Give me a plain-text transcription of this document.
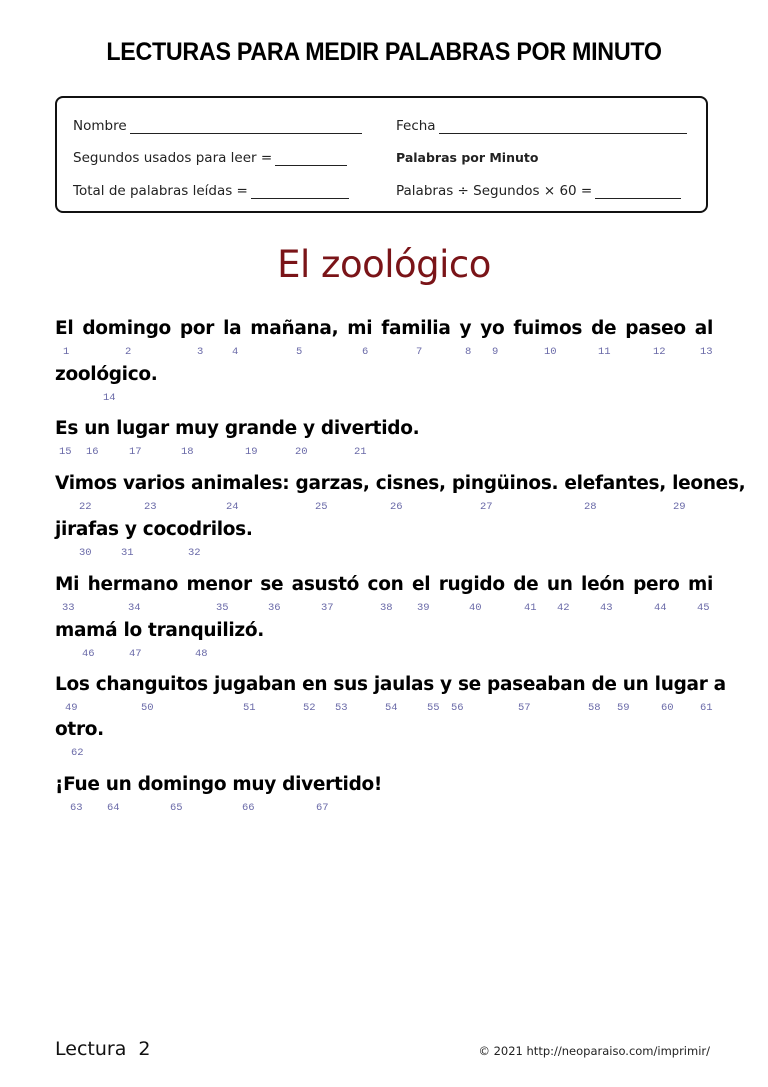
LECTURAS PARA MEDIR PALABRAS POR MINUTO
Nombre	Fecha
Segundos usados para leer =	Palabras por Minuto
Total de palabras leídas =	Palabras ÷ Segundos × 60 =
El zoológico
El domingo por la mañana, mi familia y yo fuimos de paseo al
1	2	3	4	5	6	7	8 9	10	11	12	13
zoológico.
14
Es un lugar muy grande y divertido.
15 16	17	18	19	20	21
Vimos varios animales: garzas, cisnes, pingüinos. elefantes, leones,
22	23	24	25	26	27	28	29
jirafas y cocodrilos.
30	31	32
Mi hermano menor se asustó con el rugido de un león pero mi
33	34	35	36	37	38 39	40	41 42	43	44	45
mamá lo tranquilizó.
46	47	48
Los changuitos jugaban en sus jaulas y se paseaban de un lugar a
49	50	51	52 53	54	55 56	57	58 59	60	61
otro.
62
¡Fue un domingo muy divertido!
63 64	65	66	67
Lectura  2	© 2021 http://neoparaiso.com/imprimir/
